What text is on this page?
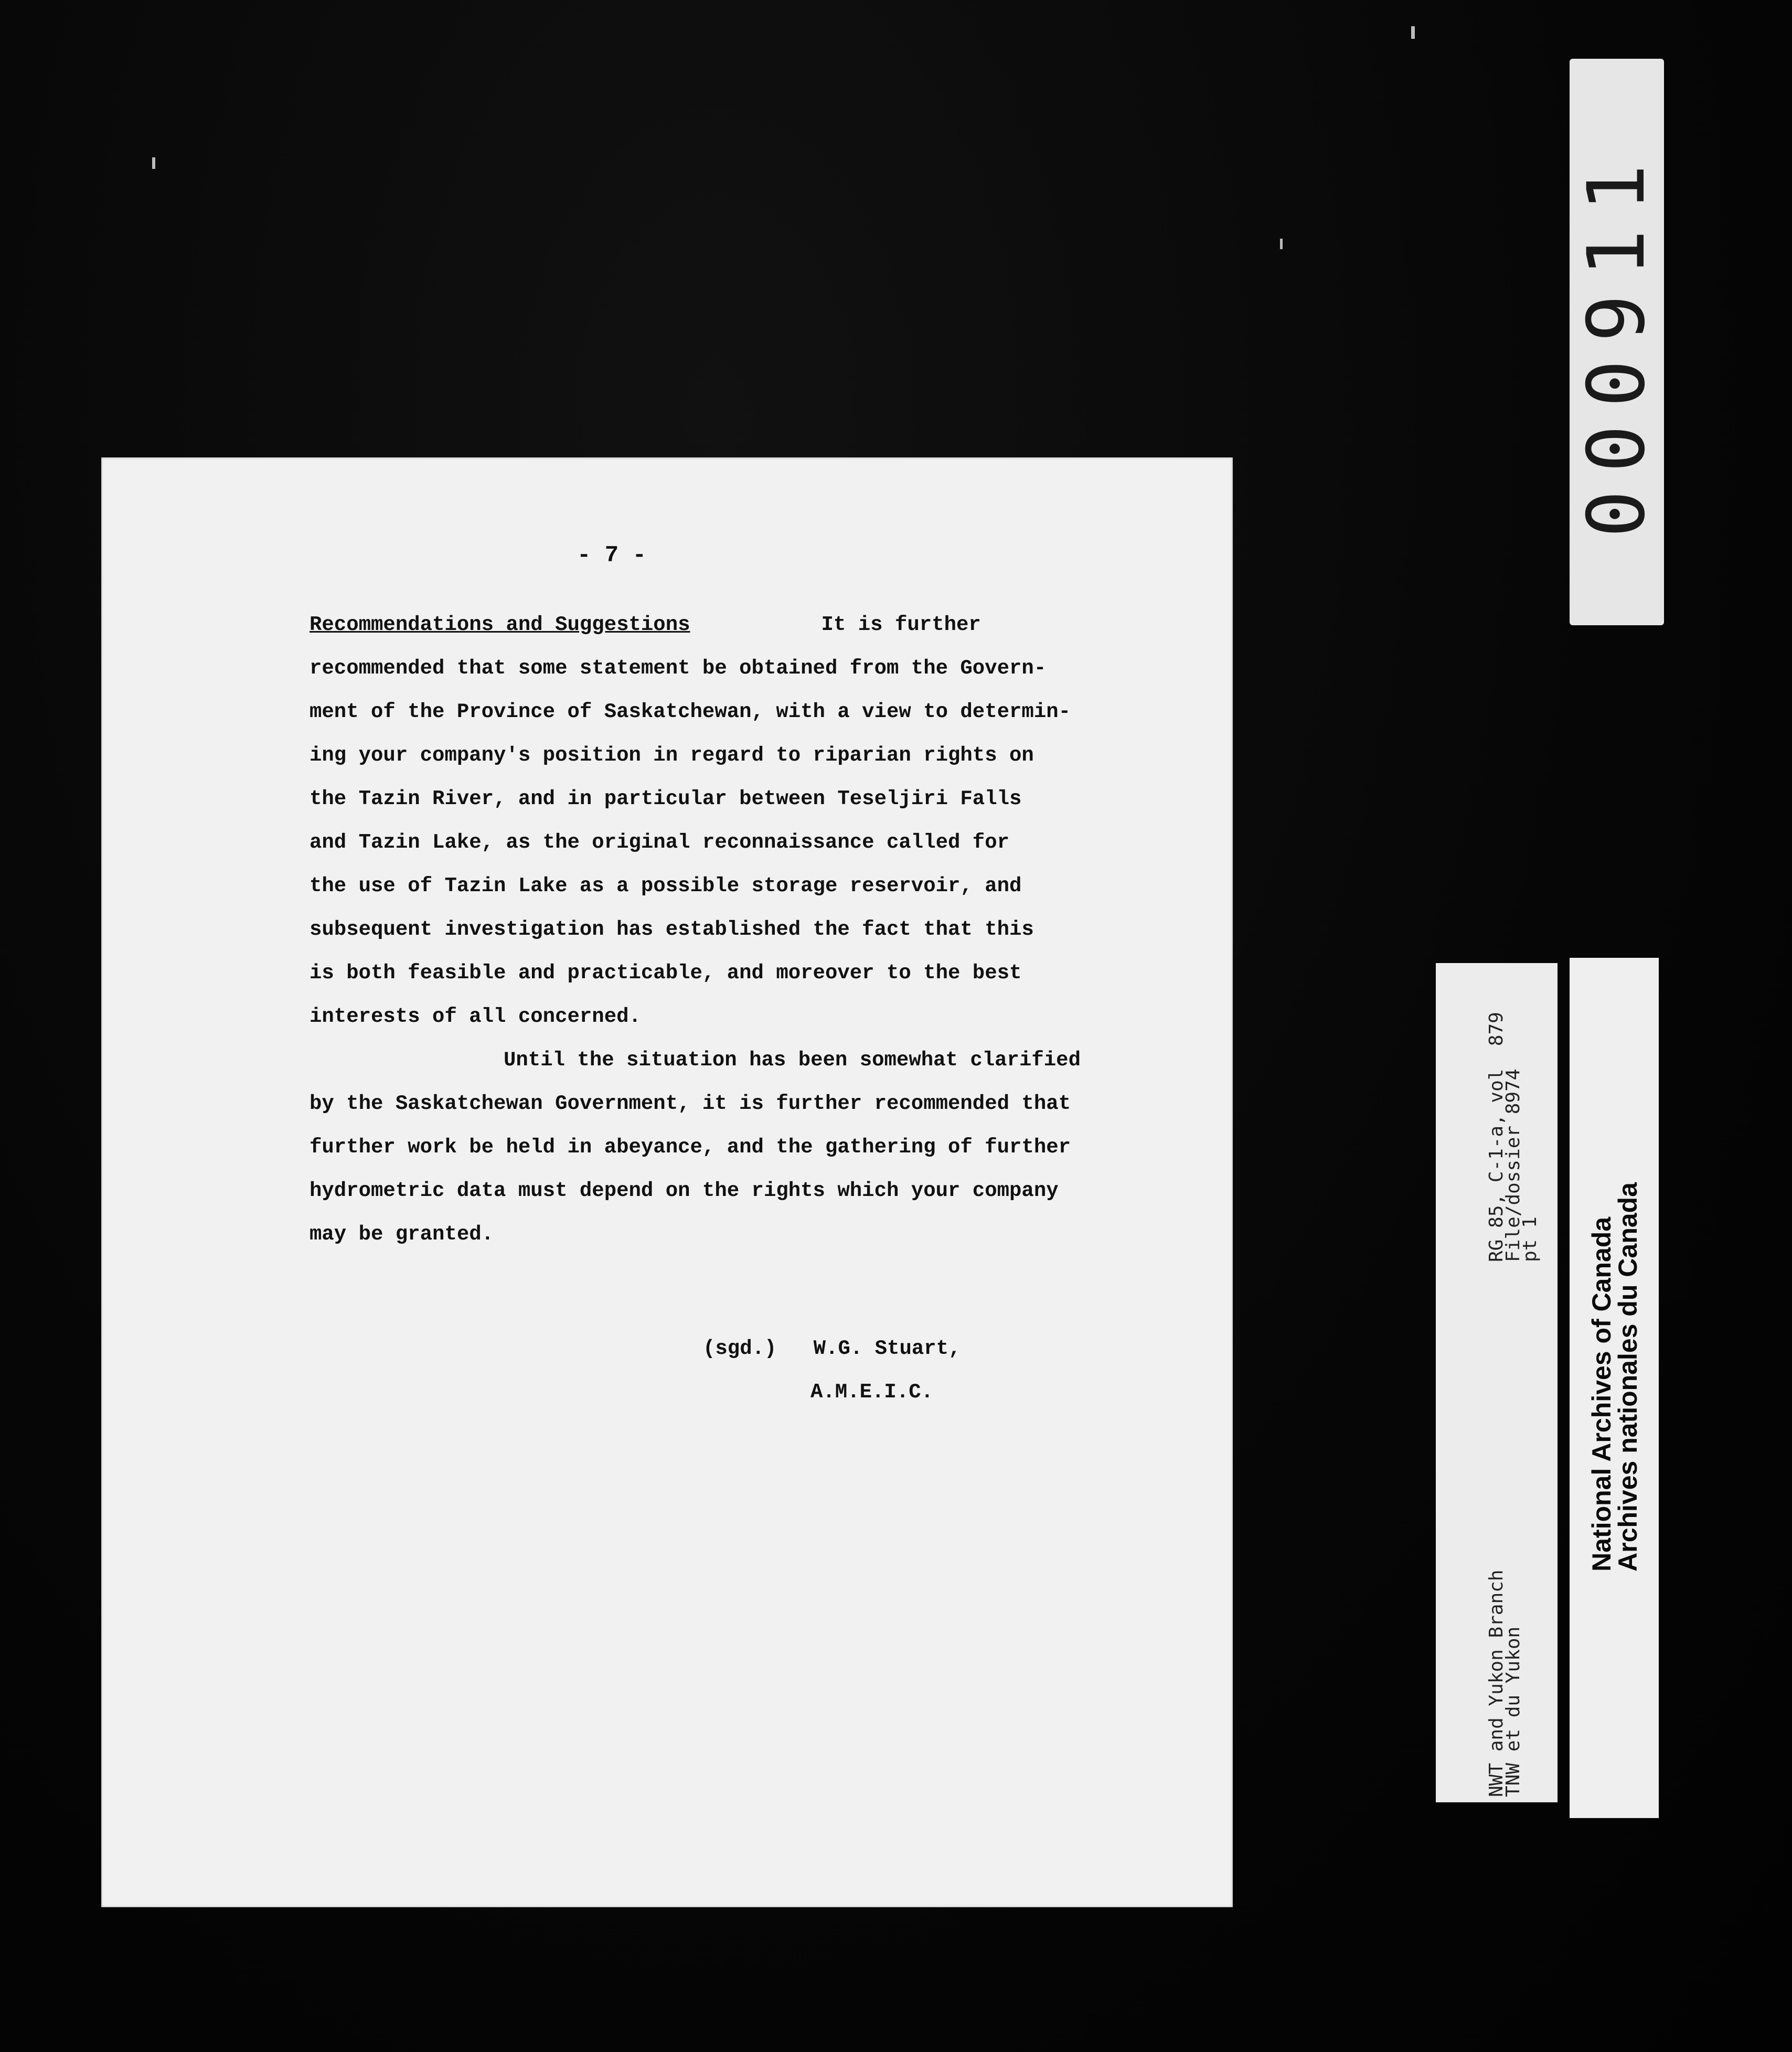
- 7 -
Recommendations and Suggestions	It is further
recommended that some statement be obtained from the Govern-
ment of the Province of Saskatchewan, with a view to determin-
ing your company's position in regard to riparian rights on
the Tazin River, and in particular between Teseljiri Falls
and Tazin Lake, as the original reconnaissance called for
the use of Tazin Lake as a possible storage reservoir, and
subsequent investigation has established the fact that this
is both feasible and practicable, and moreover to the best
interests of all concerned.
Until the situation has been somewhat clarified
by the Saskatchewan Government, it is further recommended that
further work be held in abeyance, and the gathering of further
hydrometric data must depend on the rights which your company
may be granted.
(sgd.)   W.G. Stuart,
A.M.E.I.C.
000911
RG 85, C-1-a, vol  879
File/dossier 8974
pt 1
NWT and Yukon Branch
TNW et du Yukon
National Archives of Canada
Archives nationales du Canada
